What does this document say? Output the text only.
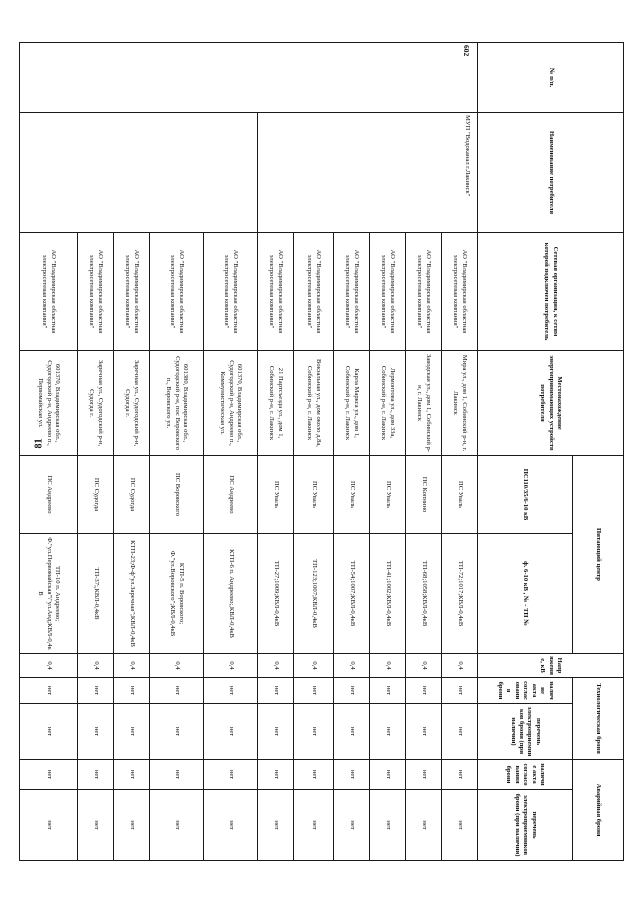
81
№ п/п.	Наименование потребителя	Сетевая организация, к сетям которой подключен потребитель	Местонахождение энергопринимающих устройств потребителя	Питающий центр		Напряжение, кВ	Технологическая броня		Аварийная броня	
				ПС110/35/6-10 кВ	ф. 6-10 кВ , № - ТП №		наличие акта согласования брони	перечень электроприемников брони (при наличии)	наличие акта согласования брони	перечень электроприемников брони (при наличии)
602	МУП "Водоканал г.Лакинск"	АО "Владимирская областная электросетевая компания"	Мира ул., дом 1, Собинский р-н, г. Лакинск	ПС Уваль	ТП-72;1017;КВЛ-0,4кВ	0,4	нет	нет	нет	нет
		АО "Владимирская областная электросетевая компания"	Заводская ул., дом 1, Собинский р-н, г. Лакинск	ПС Копнино	ТП-68;1058;КВЛ-0,4кВ	0,4	нет	нет	нет	нет
		АО "Владимирская областная электросетевая компания"	Лермонтова ул., дом 33а, Собинский р-н, г. Лакинск	ПС Уваль	ТП-41;1002;КВЛ-0,4кВ	0,4	нет	нет	нет	нет
		АО "Владимирская областная электросетевая компания"	Карла Маркса ул., дом 1, Собинский р-н, г. Лакинск	ПС Уваль	ТП-54;1007;КВЛ-0,4кВ	0,4	нет	нет	нет	нет
		АО "Владимирская областная электросетевая компания"	Вокзальная ул., дом около д.8а, Собинский р-н, г. Лакинск	ПС Уваль	ТП-123;1007;КВЛ-0,4кВ	0,4	нет	нет	нет	нет
		АО "Владимирская областная электросетевая компания"	21 Партсъезда ул., дом 1, Собинский р-н, г. Лакинск	ПС Уваль	ТП-27;1009;КВЛ-0,4кВ	0,4	нет	нет	нет	нет
		АО "Владимирская областная электросетевая компания"	601370, Владимирская обл., Судогодский р-н, Андреево п., Коммунистическая ул.	ПС Андреево	КТП-6 п. Андреево;,КВЛ-0,4кВ	0,4	нет	нет	нет	нет
		АО "Владимирская областная электросетевая компания"	601380, Владимирская обл., Судогодский р-н, пос Воровского п., Воровского ул.	ПС Воровского	КТП-5 п. Воровского; Ф."ул.Воровского";КВЛ-0,4кВ	0,4	нет	нет	нет	нет
		АО "Владимирская областная электросетевая компания"	Заречная ул., Судогодский р-н, Судогда г.	ПС Судогда	КТП-23;Ф-ф"ул.Заречная";КВЛ-0,4кВ	0,4	нет	нет	нет	нет
		АО "Владимирская областная электросетевая компания"	Заречная ул., Судогодский р-н, Судогда г.	ПС Судогда	ТП-37;,КВЛ-0,4кВ	0,4	нет	нет	нет	нет
		АО "Владимирская областная электросетевая компания"	601370, Владимирская обл., Судогодский р-н, Андреево п., Первомайская ул.	ПС Андреево	ТП-10 п. Андреево; Ф."ул.Первомайская"\"ул.Анд;КВЛ-0,4кВ	0,4	нет	нет	нет	нет
